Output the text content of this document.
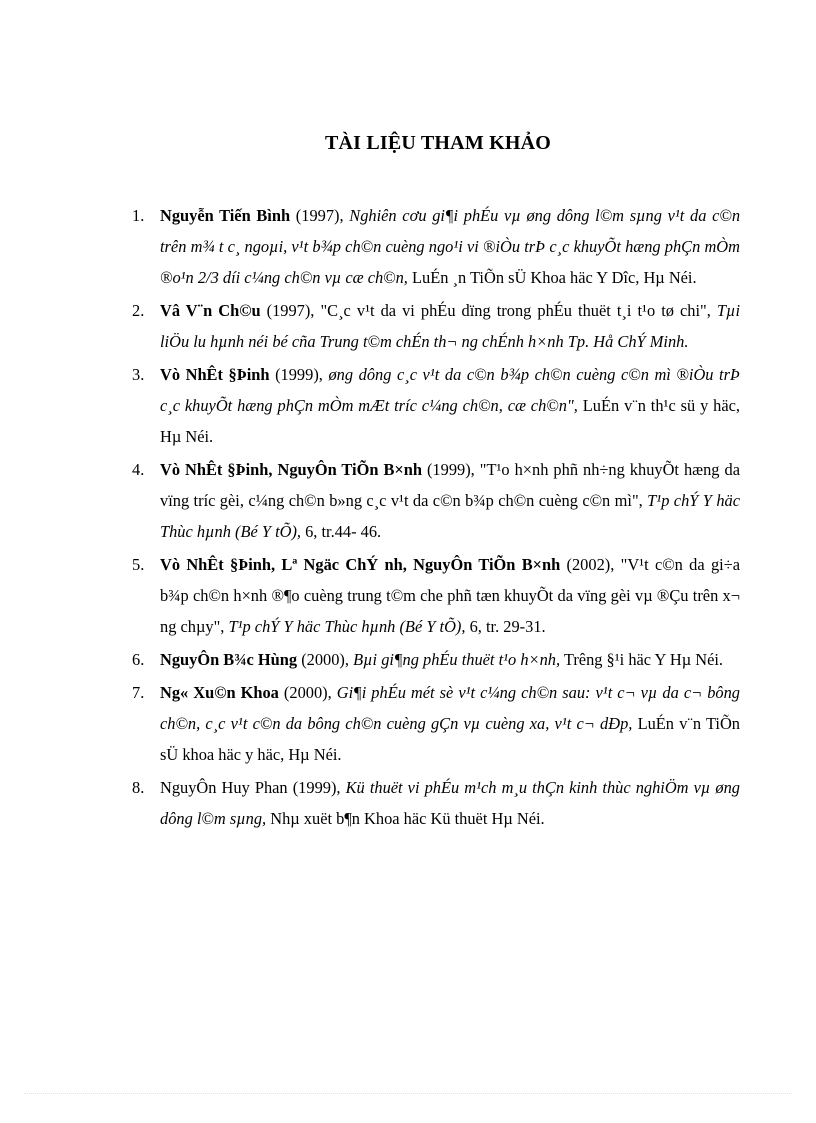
TÀI LIỆU THAM KHẢO
1. Nguyễn Tiến Bình (1997), Nghiên cơu gi¶i phÉu vµ øng dông l©m sµng v¹t da c©n trên m¾ t c¸ ngoµi, v¹t b¾p ch©n cuèng ngo¹i vi ®iÒu trÞ c¸c khuyÕt hæng phÇn mÒm ®o¹n 2/3 díi c¼ng ch©n vµ cæ ch©n, LuÉn ¸n TiÕn sÜ Khoa häc Y Dîc, Hµ Néi.
2. Vâ V¨n Ch©u (1997), "C¸c v¹t da vi phÉu dïng trong phÉu thuët t¸i t¹o tø chi", Tµi liÖu lu hµnh néi bé cña Trung t©m chÉn th¬ ng chÉnh h×nh Tp. Hå ChÝ Minh.
3. Vò NhÊt §Þinh (1999), øng dông c¸c v¹t da c©n b¾p ch©n cuèng c©n mì ®iÒu trÞ c¸c khuyÕt hæng phÇn mÒm mÆt tríc c¼ng ch©n, cæ ch©n", LuÉn v¨n th¹c sü y häc, Hµ Néi.
4. Vò NhÊt §Þinh, NguyÔn TiÕn B×nh (1999), "T¹o h×nh phñ nh÷ng khuyÕt hæng da vïng tríc gèi, c¼ng ch©n b»ng c¸c v¹t da c©n b¾p ch©n cuèng c©n mì", T¹p chÝ Y häc Thùc hµnh (Bé Y tÕ), 6, tr.44- 46.
5. Vò NhÊt §Þinh, Lª Ngäc ChÝ nh, NguyÔn TiÕn B×nh (2002), "V¹t c©n da gi÷a b¾p ch©n h×nh ®¶o cuèng trung t©m che phñ tæn khuyÕt da vïng gèi vµ ®Çu trên x¬ ng chµy", T¹p chÝ Y häc Thùc hµnh (Bé Y tÕ), 6, tr. 29-31.
6. NguyÔn B¾c Hùng (2000), Bµi gi¶ng phÉu thuët t¹o h×nh, Trêng §¹i häc Y Hµ Néi.
7. Ng« Xu©n Khoa (2000), Gi¶i phÉu mét sè v¹t c¼ng ch©n sau: v¹t c¬ vµ da c¬ bông ch©n, c¸c v¹t c©n da bông ch©n cuèng gÇn vµ cuèng xa, v¹t c¬ dÐp, LuÉn v¨n TiÕn sÜ khoa häc y häc, Hµ Néi.
8. NguyÔn Huy Phan (1999), Kü thuët vi phÉu m¹ch m¸u thÇn kinh thùc nghiÖm vµ øng dông l©m sµng, Nhµ xuët b¶n Khoa häc Kü thuët Hµ Néi.
